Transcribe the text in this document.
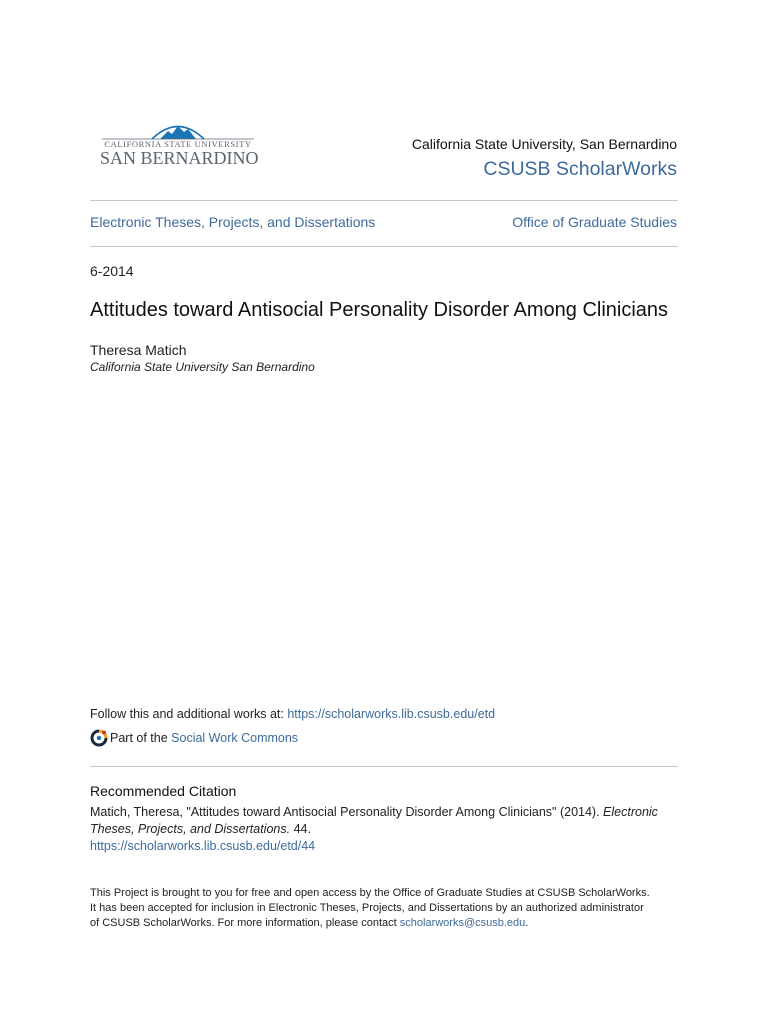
CALIFORNIA STATE UNIVERSITY
SAN BERNARDINO
California State University, San Bernardino
CSUSB ScholarWorks
Electronic Theses, Projects, and Dissertations	Office of Graduate Studies
6-2014
Attitudes toward Antisocial Personality Disorder Among Clinicians
Theresa Matich
California State University San Bernardino
Follow this and additional works at: https://scholarworks.lib.csusb.edu/etd
Part of the Social Work Commons
Recommended Citation
Matich, Theresa, "Attitudes toward Antisocial Personality Disorder Among Clinicians" (2014). Electronic Theses, Projects, and Dissertations. 44.
https://scholarworks.lib.csusb.edu/etd/44
This Project is brought to you for free and open access by the Office of Graduate Studies at CSUSB ScholarWorks.
It has been accepted for inclusion in Electronic Theses, Projects, and Dissertations by an authorized administrator
of CSUSB ScholarWorks. For more information, please contact scholarworks@csusb.edu.
